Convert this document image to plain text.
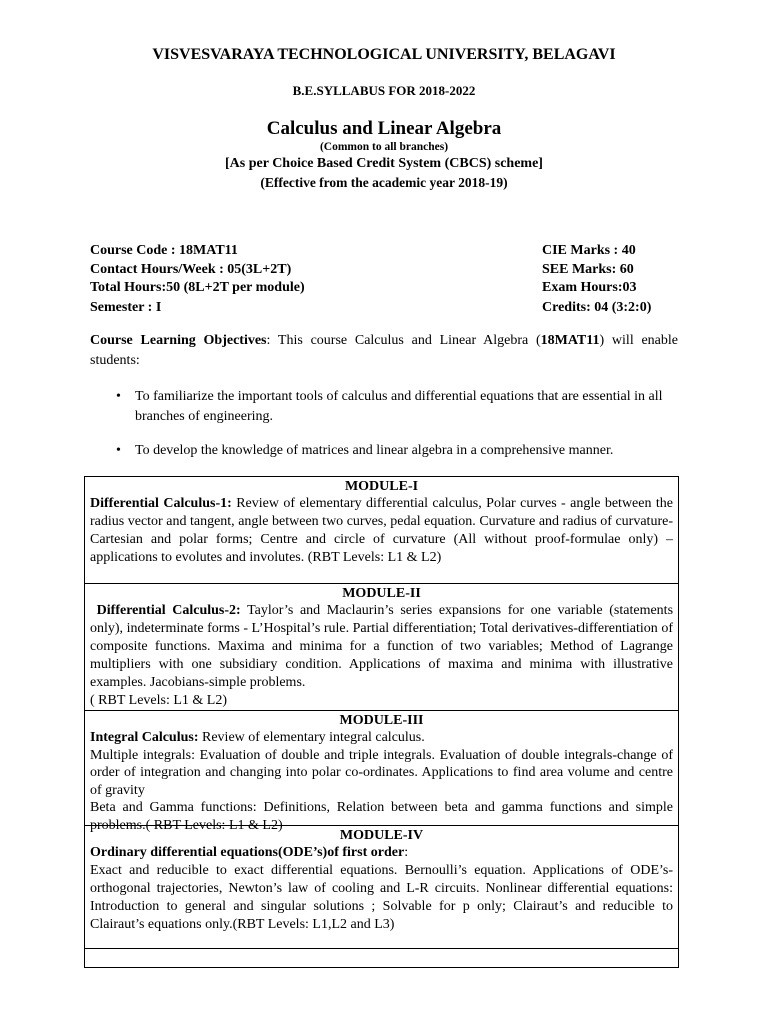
VISVESVARAYA TECHNOLOGICAL UNIVERSITY, BELAGAVI
B.E.SYLLABUS FOR 2018-2022
Calculus and Linear Algebra
(Common to all branches)
[As per Choice Based Credit System (CBCS) scheme]
(Effective from the academic year 2018-19)
Course Code : 18MAT11	CIE Marks : 40
Contact Hours/Week : 05(3L+2T)	SEE Marks: 60
Total Hours:50 (8L+2T per module)	Exam Hours:03
Semester : I	Credits: 04 (3:2:0)
Course Learning Objectives: This course Calculus and Linear Algebra (18MAT11) will enable students:
• To familiarize the important tools of calculus and differential equations that are essential in all branches of engineering.
• To develop the knowledge of matrices and linear algebra in a comprehensive manner.
MODULE-I
Differential Calculus-1: Review of elementary differential calculus, Polar curves - angle between the radius vector and tangent, angle between two curves, pedal equation. Curvature and radius of curvature- Cartesian and polar forms; Centre and circle of curvature (All without proof-formulae only) –applications to evolutes and involutes. (RBT Levels: L1 & L2)
MODULE-II

Differential Calculus-2: Taylor’s and Maclaurin’s series expansions for one variable (statements only), indeterminate forms - L’Hospital’s rule. Partial differentiation; Total derivatives-differentiation of composite functions. Maxima and minima for a function of two variables; Method of Lagrange multipliers with one subsidiary condition. Applications of maxima and minima with illustrative examples. Jacobians-simple problems.

( RBT Levels: L1 & L2)

MODULE-III

Integral Calculus: Review of elementary integral calculus.

Multiple integrals: Evaluation of double and triple integrals. Evaluation of double integrals-change of order of integration and changing into polar co-ordinates. Applications to find area volume and centre of gravity

Beta and Gamma functions: Definitions, Relation between beta and gamma functions and simple problems.( RBT Levels: L1 & L2)

MODULE-IV

Ordinary differential equations(ODE’s)of first order:

Exact and reducible to exact differential equations. Bernoulli’s equation. Applications of ODE’s-orthogonal trajectories, Newton’s law of cooling and L-R circuits. Nonlinear differential equations: Introduction to general and singular solutions ; Solvable for p only; Clairaut’s and reducible to Clairaut’s equations only.(RBT Levels: L1,L2 and L3)
